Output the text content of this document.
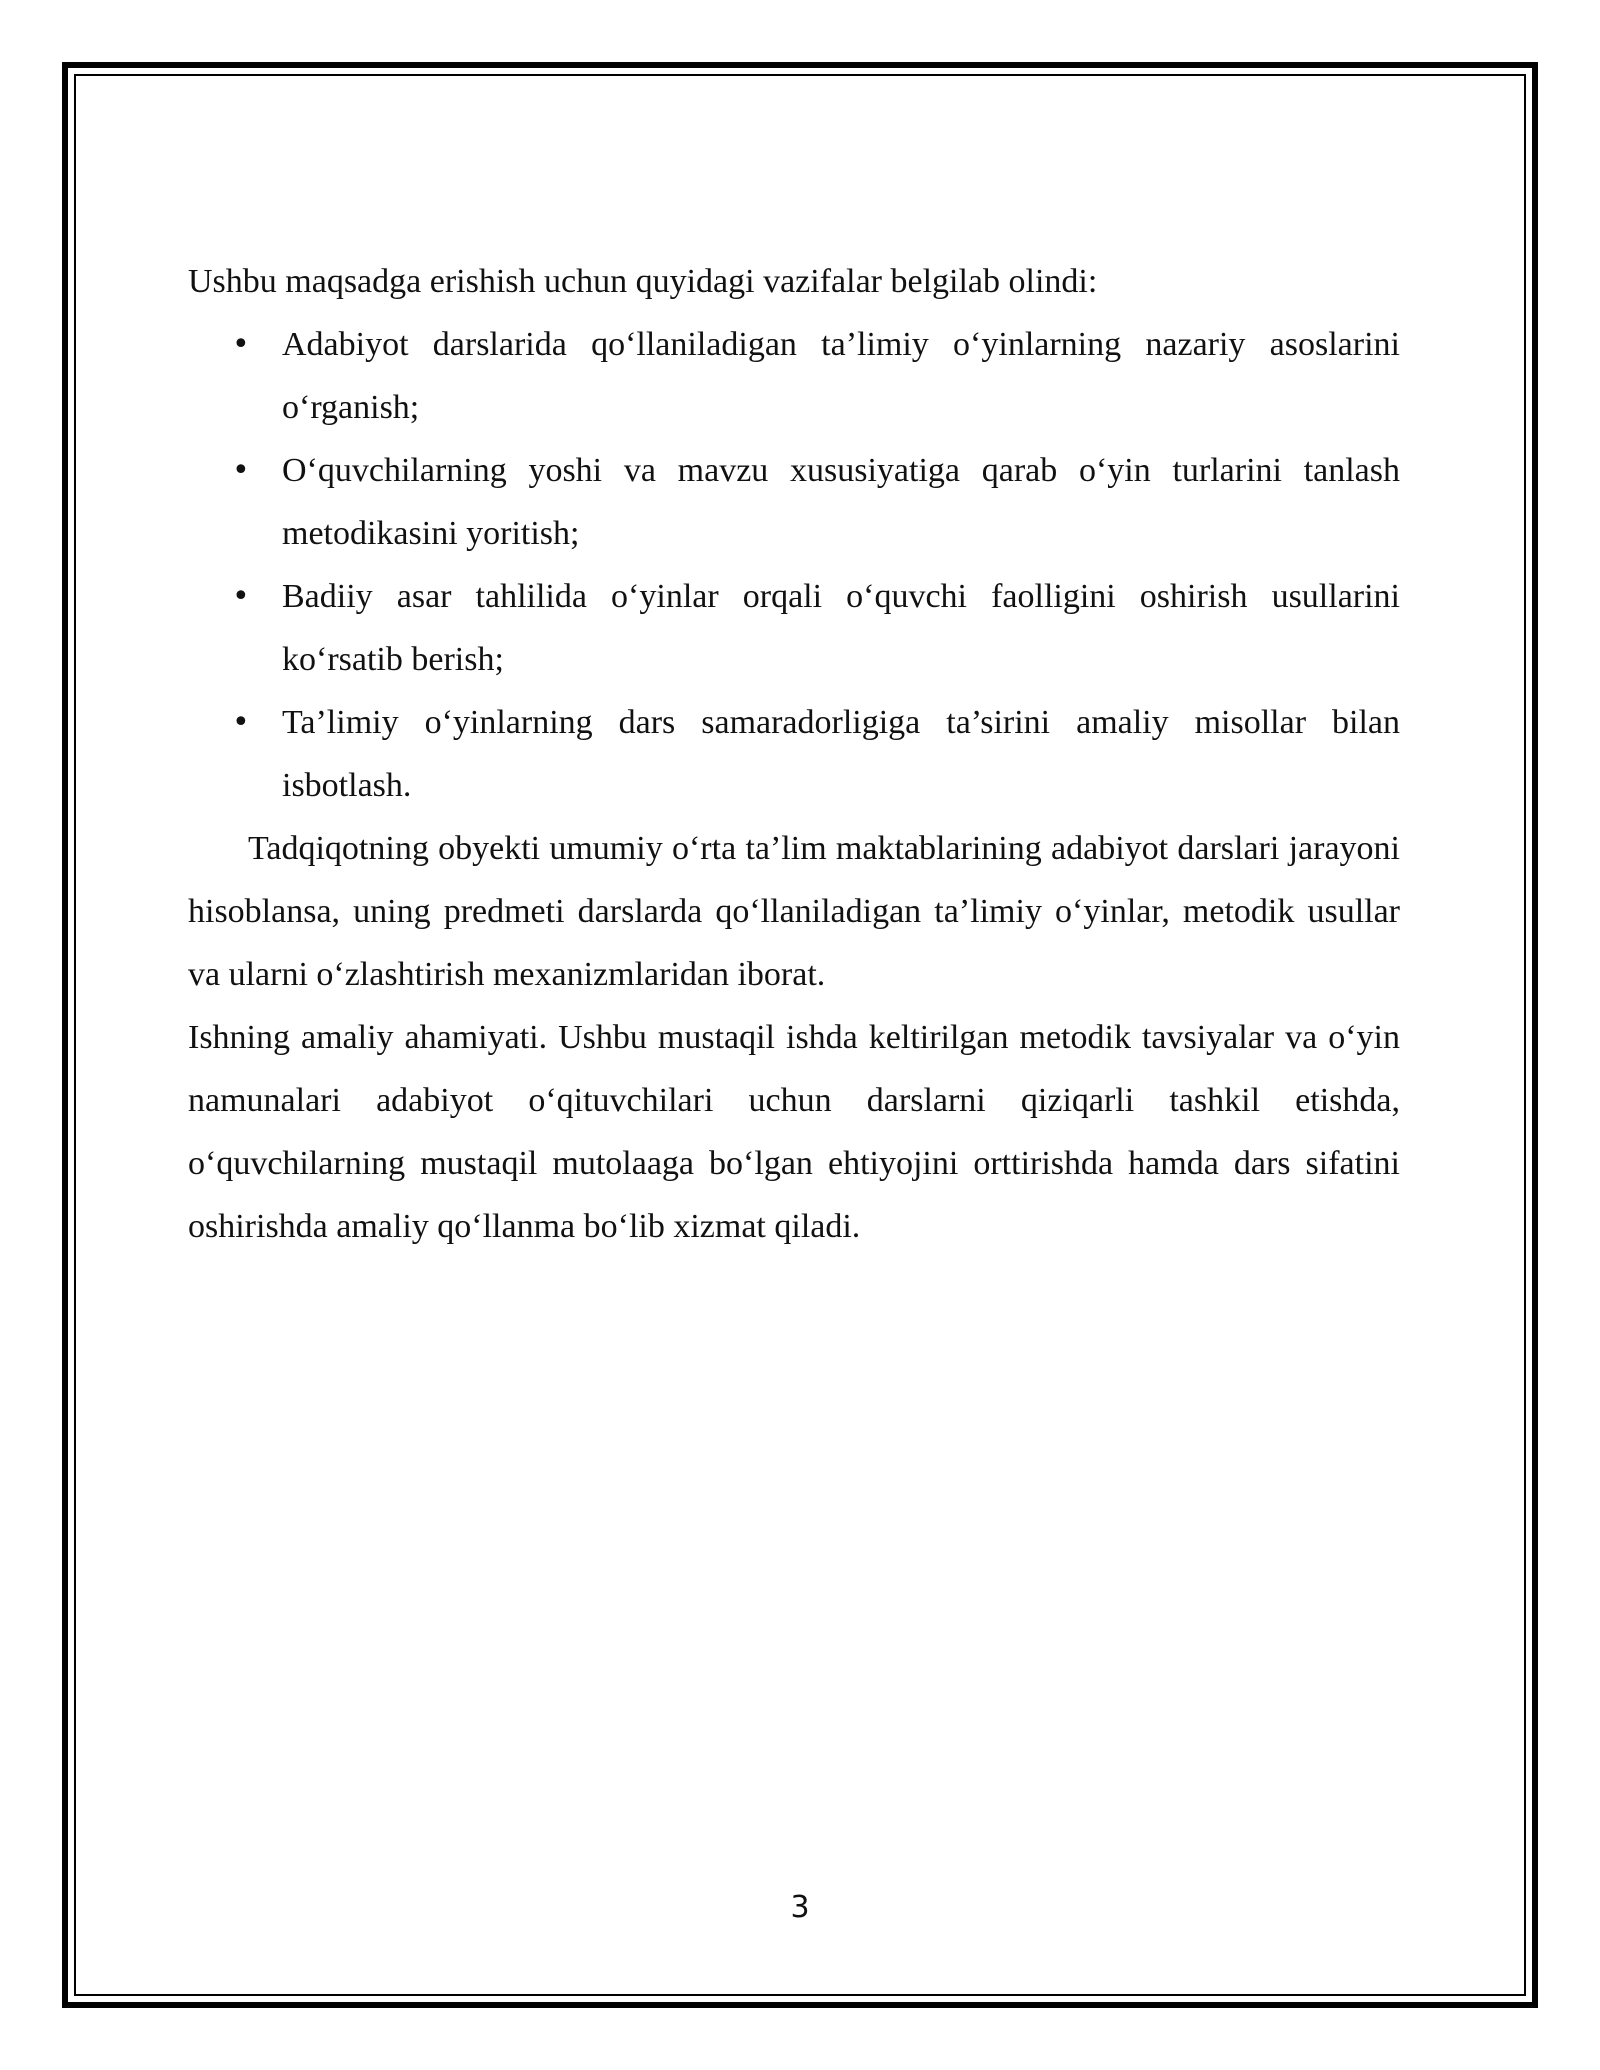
Ushbu maqsadga erishish uchun quyidagi vazifalar belgilab olindi:

• Adabiyot darslarida qo‘llaniladigan ta’limiy o‘yinlarning nazariy asoslarini o‘rganish;
• O‘quvchilarning yoshi va mavzu xususiyatiga qarab o‘yin turlarini tanlash metodikasini yoritish;
• Badiiy asar tahlilida o‘yinlar orqali o‘quvchi faolligini oshirish usullarini ko‘rsatib berish;
• Ta’limiy o‘yinlarning dars samaradorligiga ta’sirini amaliy misollar bilan isbotlash.

Tadqiqotning obyekti umumiy o‘rta ta’lim maktablarining adabiyot darslari jarayoni hisoblansa, uning predmeti darslarda qo‘llaniladigan ta’limiy o‘yinlar, metodik usullar va ularni o‘zlashtirish mexanizmlaridan iborat.

Ishning amaliy ahamiyati. Ushbu mustaqil ishda keltirilgan metodik tavsiyalar va o‘yin namunalari adabiyot o‘qituvchilari uchun darslarni qiziqarli tashkil etishda, o‘quvchilarning mustaqil mutolaaga bo‘lgan ehtiyojini orttirishda hamda dars sifatini oshirishda amaliy qo‘llanma bo‘lib xizmat qiladi.

3
